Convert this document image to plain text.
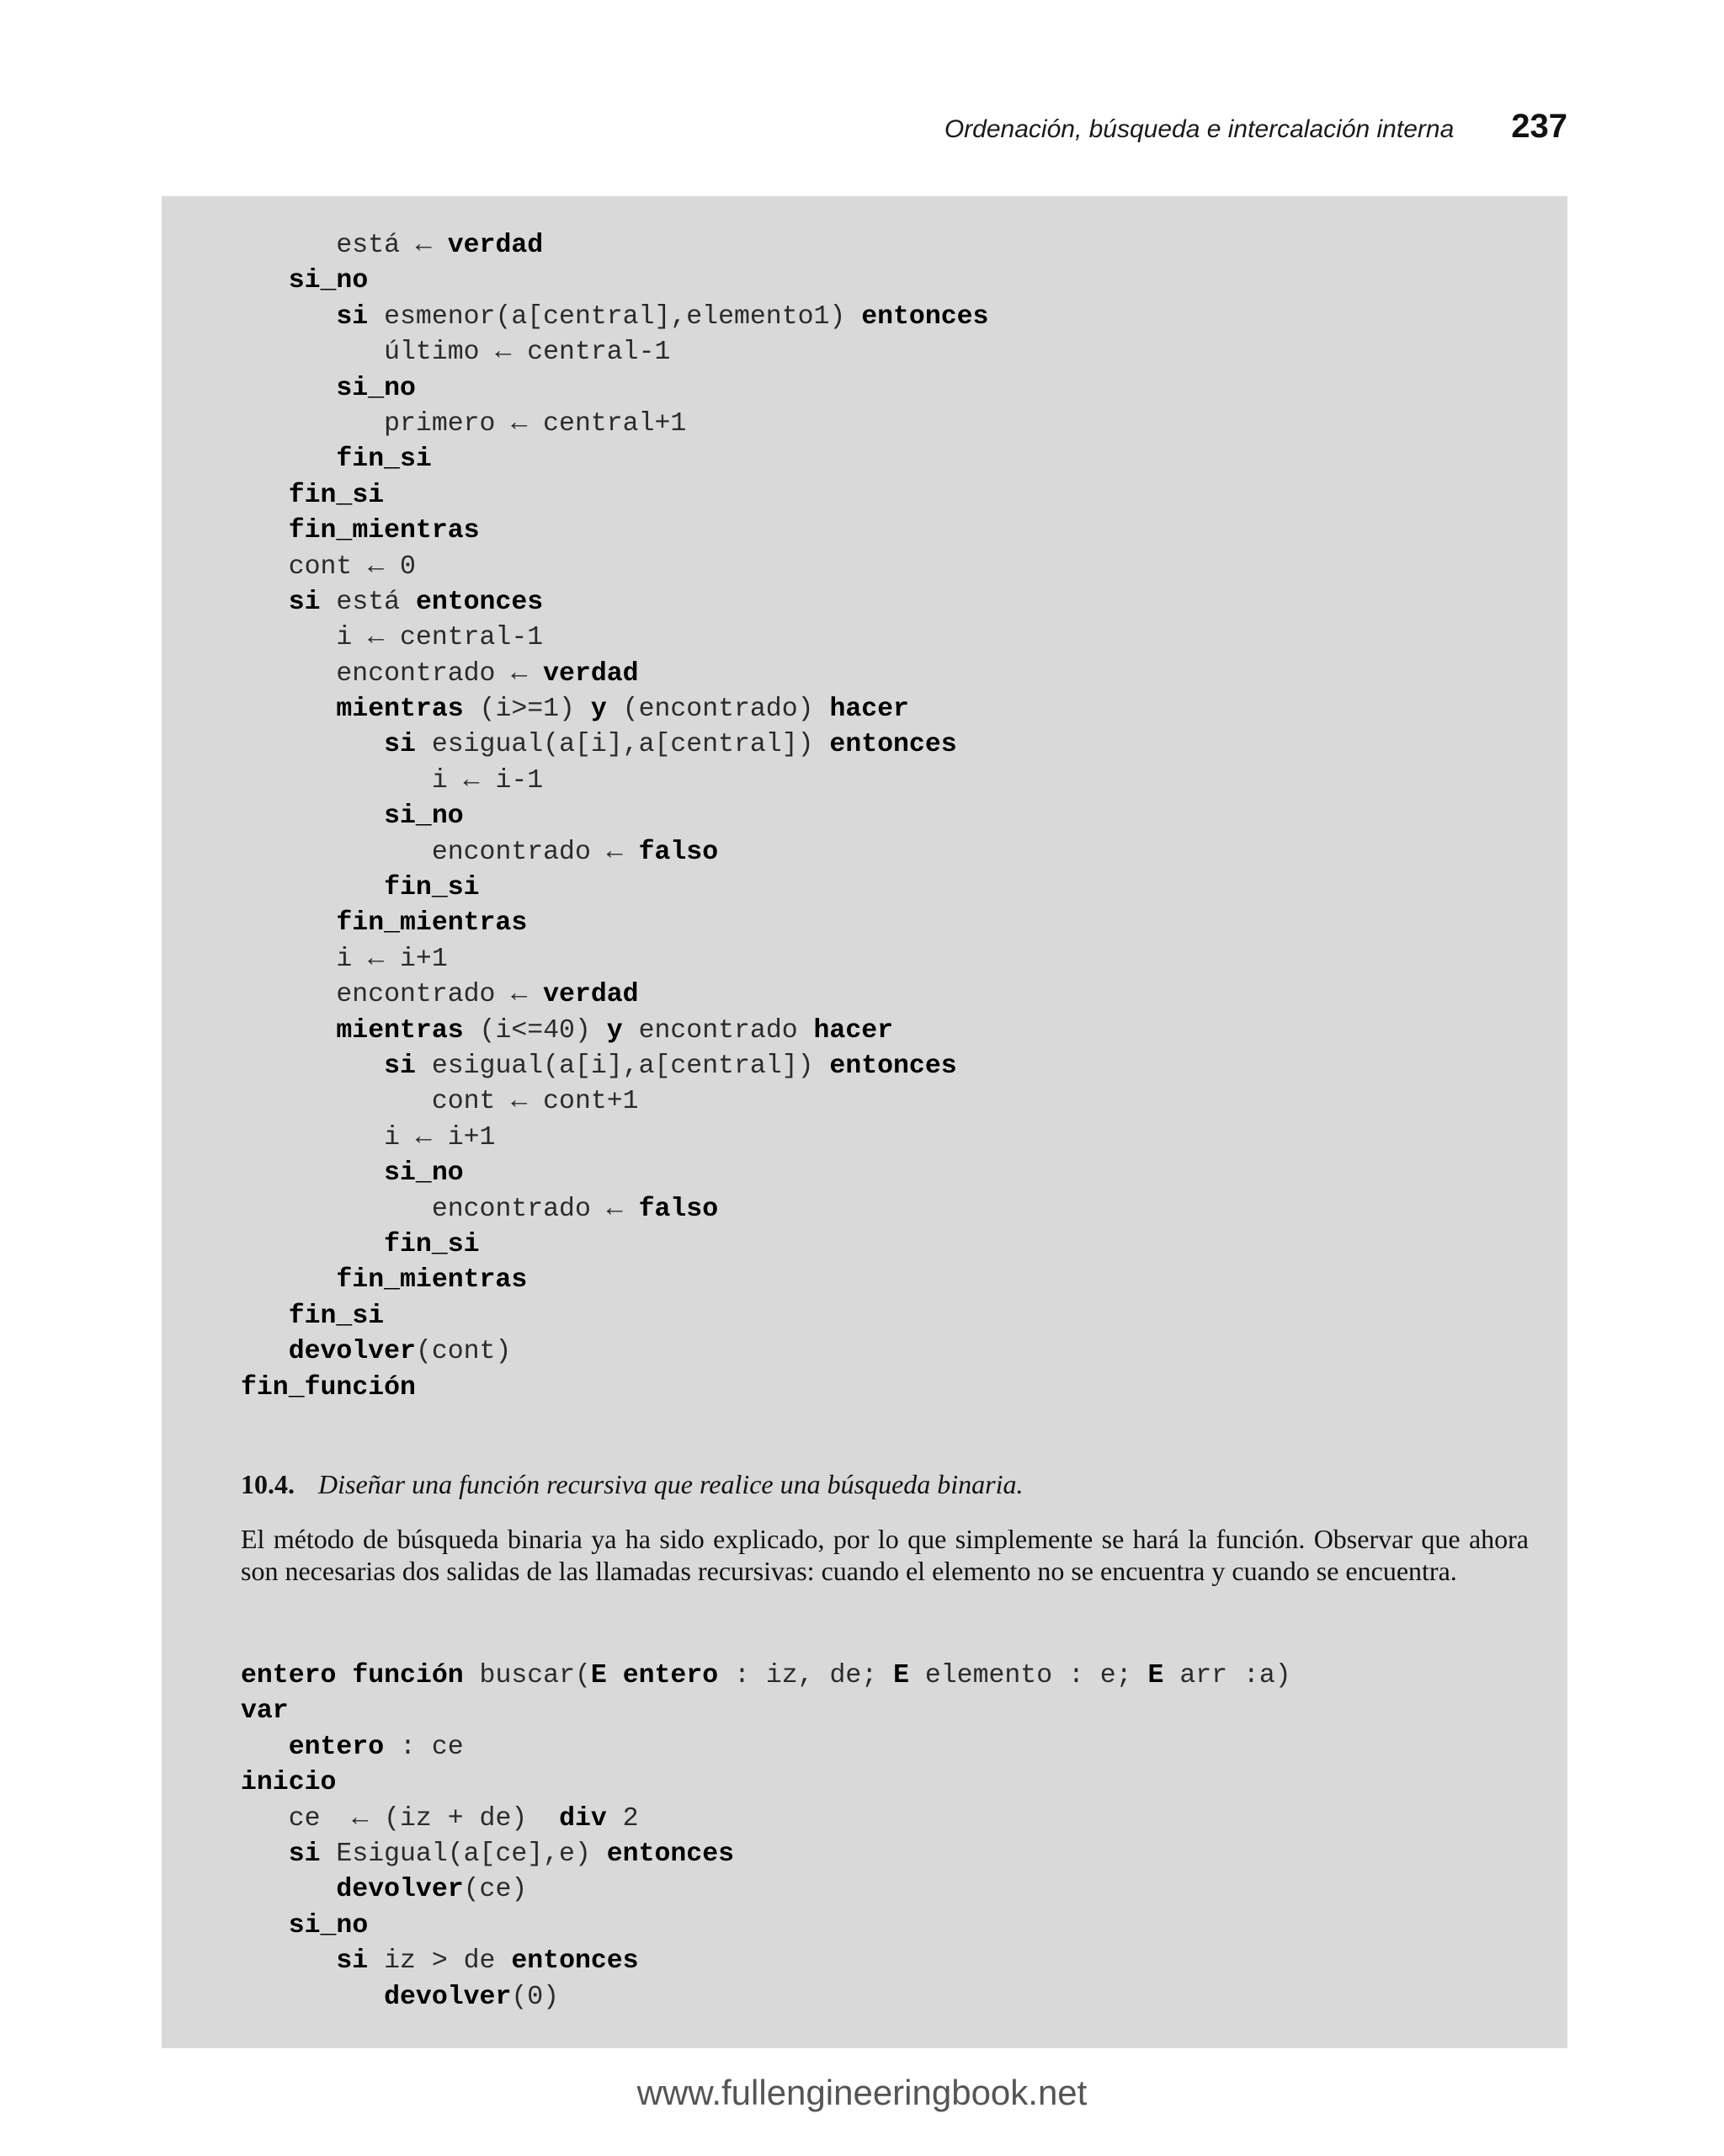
Ordenación, búsqueda e intercalación interna 237
está ← verdad
si_no
si esmenor(a[central],elemento1) entonces
último ← central-1
si_no
primero ← central+1
fin_si
fin_si
fin_mientras
cont ← 0
si está entonces
i ← central-1
encontrado ← verdad
mientras (i>=1) y (encontrado) hacer
si esigual(a[i],a[central]) entonces
i ← i-1
si_no
encontrado ← falso
fin_si
fin_mientras
i ← i+1
encontrado ← verdad
mientras (i<=40) y encontrado hacer
si esigual(a[i],a[central]) entonces
cont ← cont+1
i ← i+1
si_no
encontrado ← falso
fin_si
fin_mientras
fin_si
devolver(cont)
fin_función
10.4. Diseñar una función recursiva que realice una búsqueda binaria.
El método de búsqueda binaria ya ha sido explicado, por lo que simplemente se hará la función. Observar que ahora son necesarias dos salidas de las llamadas recursivas: cuando el elemento no se encuentra y cuando se encuentra.
entero función buscar(E entero : iz, de; E elemento : e; E arr :a)
var
entero : ce
inicio
ce  ← (iz + de)  div 2
si Esigual(a[ce],e) entonces
devolver(ce)
si_no
si iz > de entonces
devolver(0)
www.fullengineeringbook.net
